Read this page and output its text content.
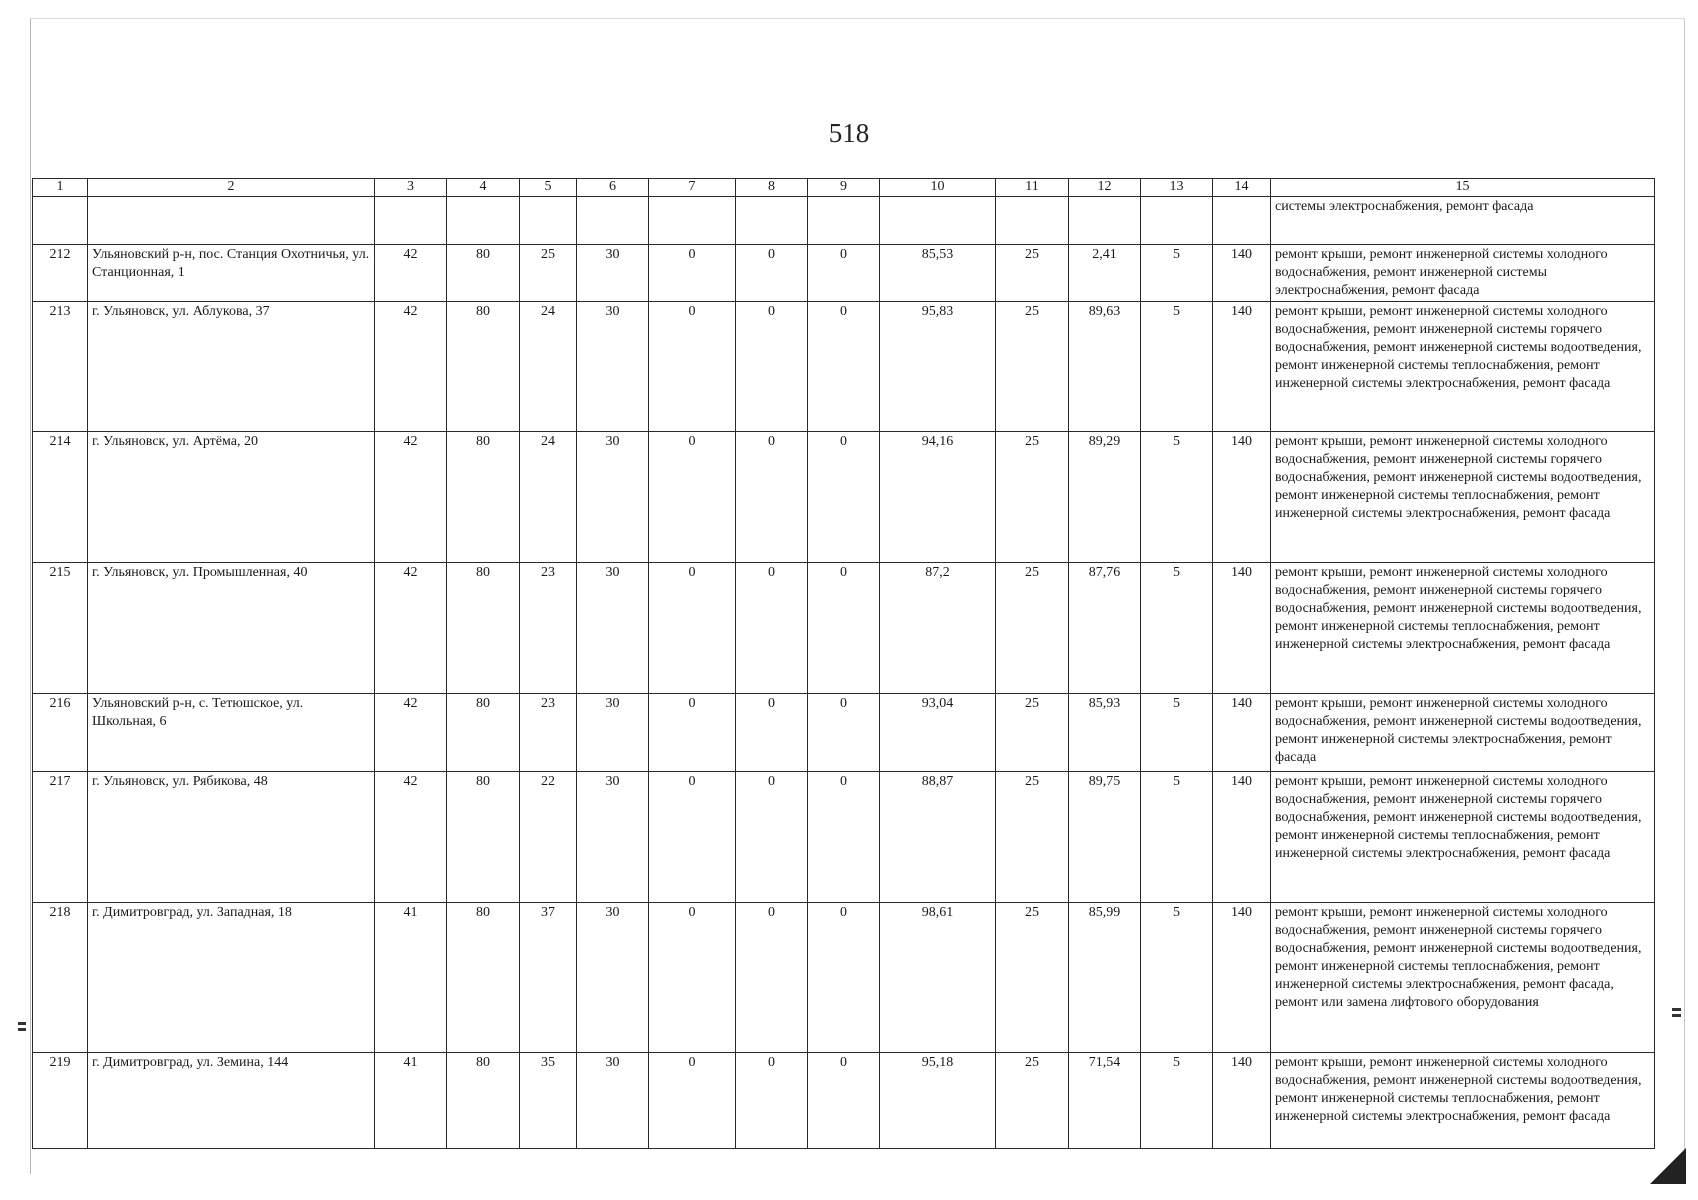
518
1	2	3	4	5	6	7	8	9	10	11	12	13	14	15
														системы электроснабжения, ремонт фасада
212	Ульяновский р-н, пос. Станция Охотничья, ул. Станционная, 1	42	80	25	30	0	0	0	85,53	25	2,41	5	140	ремонт крыши, ремонт инженерной системы холодного водоснабжения, ремонт инженерной системы электроснабжения, ремонт фасада
213	г. Ульяновск, ул. Аблукова, 37	42	80	24	30	0	0	0	95,83	25	89,63	5	140	ремонт крыши, ремонт инженерной системы холодного водоснабжения, ремонт инженерной системы горячего водоснабжения, ремонт инженерной системы водоотведения, ремонт инженерной системы теплоснабжения, ремонт инженерной системы электроснабжения, ремонт фасада
214	г. Ульяновск, ул. Артёма, 20	42	80	24	30	0	0	0	94,16	25	89,29	5	140	ремонт крыши, ремонт инженерной системы холодного водоснабжения, ремонт инженерной системы горячего водоснабжения, ремонт инженерной системы водоотведения, ремонт инженерной системы теплоснабжения, ремонт инженерной системы электроснабжения, ремонт фасада
215	г. Ульяновск, ул. Промышленная, 40	42	80	23	30	0	0	0	87,2	25	87,76	5	140	ремонт крыши, ремонт инженерной системы холодного водоснабжения, ремонт инженерной системы горячего водоснабжения, ремонт инженерной системы водоотведения, ремонт инженерной системы теплоснабжения, ремонт инженерной системы электроснабжения, ремонт фасада
216	Ульяновский р-н, с. Тетюшское, ул. Школьная, 6	42	80	23	30	0	0	0	93,04	25	85,93	5	140	ремонт крыши, ремонт инженерной системы холодного водоснабжения, ремонт инженерной системы водоотведения, ремонт инженерной системы электроснабжения, ремонт фасада
217	г. Ульяновск, ул. Рябикова, 48	42	80	22	30	0	0	0	88,87	25	89,75	5	140	ремонт крыши, ремонт инженерной системы холодного водоснабжения, ремонт инженерной системы горячего водоснабжения, ремонт инженерной системы водоотведения, ремонт инженерной системы теплоснабжения, ремонт инженерной системы электроснабжения, ремонт фасада
218	г. Димитровград, ул. Западная, 18	41	80	37	30	0	0	0	98,61	25	85,99	5	140	ремонт крыши, ремонт инженерной системы холодного водоснабжения, ремонт инженерной системы горячего водоснабжения, ремонт инженерной системы водоотведения, ремонт инженерной системы теплоснабжения, ремонт инженерной системы электроснабжения, ремонт фасада, ремонт или замена лифтового оборудования
219	г. Димитровград, ул. Земина, 144	41	80	35	30	0	0	0	95,18	25	71,54	5	140	ремонт крыши, ремонт инженерной системы холодного водоснабжения, ремонт инженерной системы водоотведения, ремонт инженерной системы теплоснабжения, ремонт инженерной системы электроснабжения, ремонт фасада
